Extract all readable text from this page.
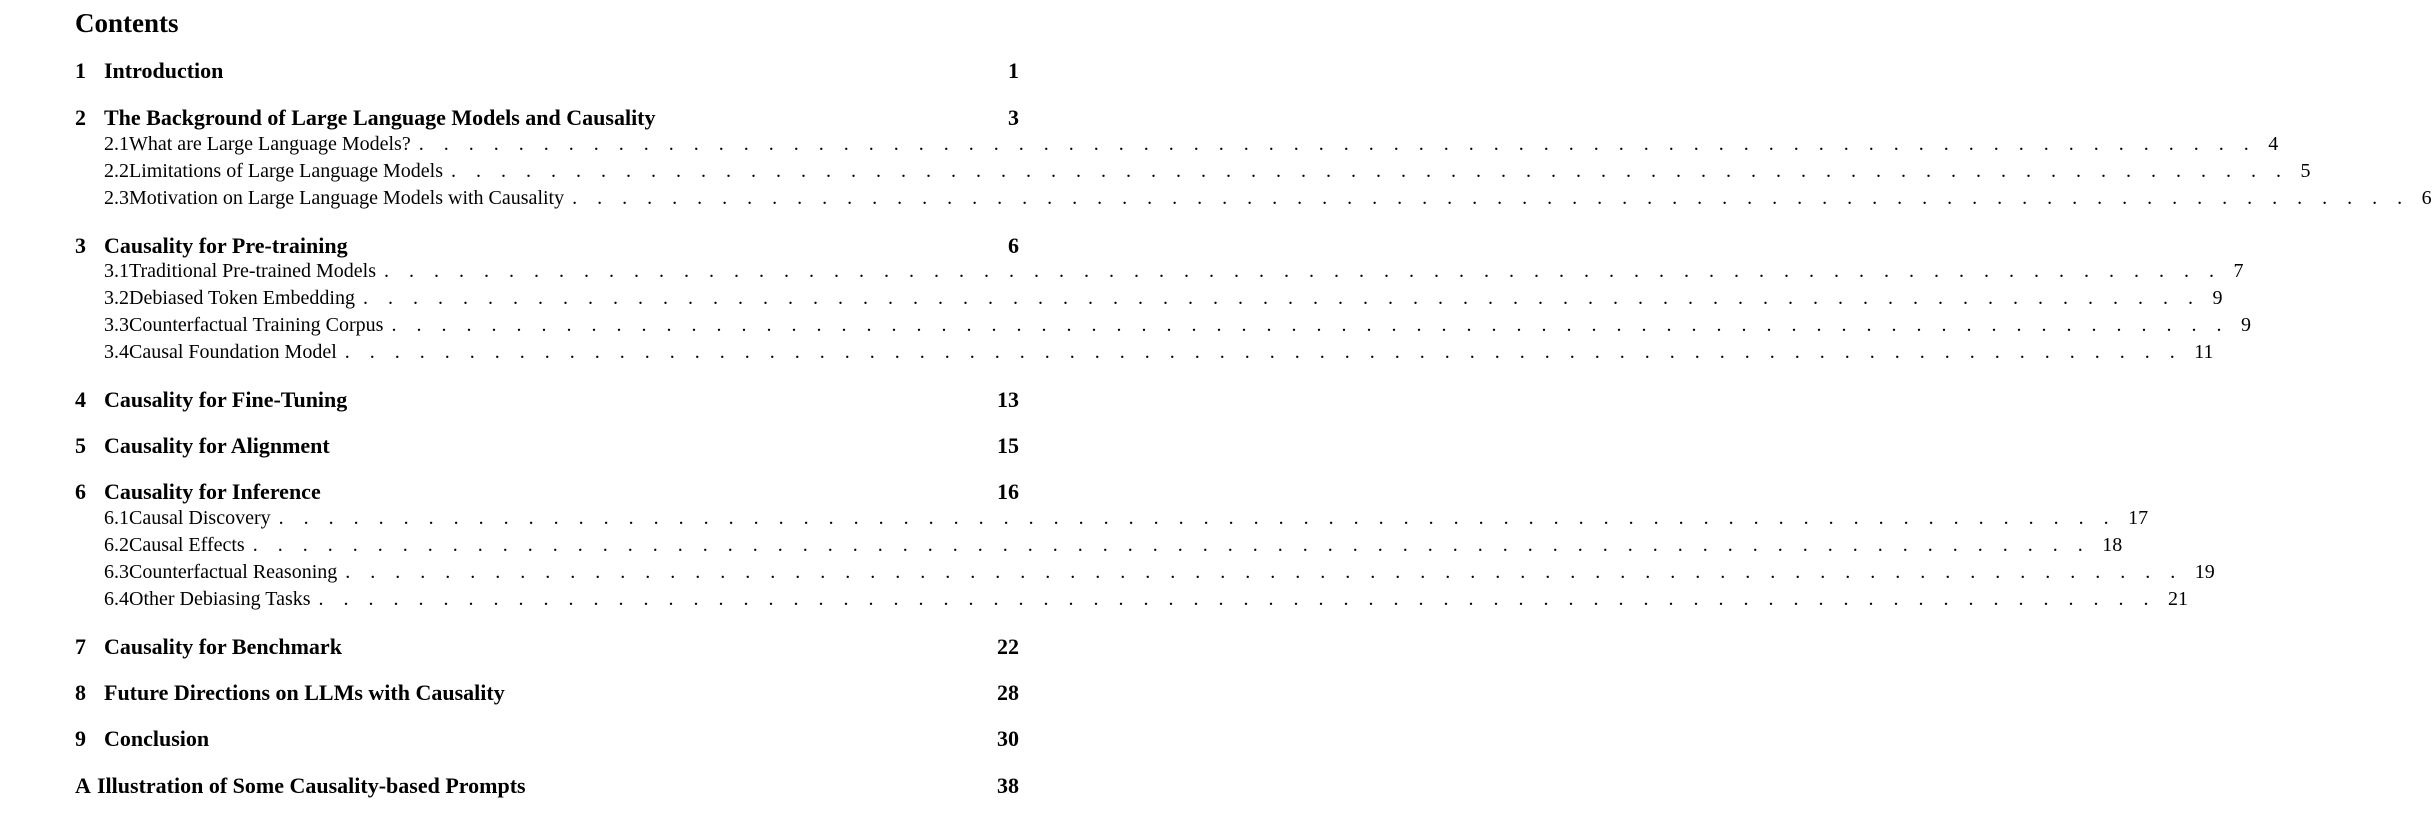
Contents
1 Introduction	1
2 The Background of Large Language Models and Causality	3
2.1 What are Large Language Models? . . . . . . . . . . . . . . . . . . . . . . . . . . . . . . . . . . . . . . . . . . . . . . . . . . . . . . . . . . . . . . . . . . . . . . . . . . 4
2.2 Limitations of Large Language Models . . . . . . . . . . . . . . . . . . . . . . . . . . . . . . . . . . . . . . . . . . . . . . . . . . . . . . . . . . . . . . . . . . . . . . . . . . 5
2.3 Motivation on Large Language Models with Causality . . . . . . . . . . . . . . . . . . . . . . . . . . . . . . . . . . . . . . . . . . . . . . . . . . . . . . . . . . . . . . . . . . . . . . . . . . 6
3 Causality for Pre-training	6
3.1 Traditional Pre-trained Models . . . . . . . . . . . . . . . . . . . . . . . . . . . . . . . . . . . . . . . . . . . . . . . . . . . . . . . . . . . . . . . . . . . . . . . . . . 7
3.2 Debiased Token Embedding . . . . . . . . . . . . . . . . . . . . . . . . . . . . . . . . . . . . . . . . . . . . . . . . . . . . . . . . . . . . . . . . . . . . . . . . . . 9
3.3 Counterfactual Training Corpus . . . . . . . . . . . . . . . . . . . . . . . . . . . . . . . . . . . . . . . . . . . . . . . . . . . . . . . . . . . . . . . . . . . . . . . . . . 9
3.4 Causal Foundation Model . . . . . . . . . . . . . . . . . . . . . . . . . . . . . . . . . . . . . . . . . . . . . . . . . . . . . . . . . . . . . . . . . . . . . . . . . . 11
4 Causality for Fine-Tuning	13
5 Causality for Alignment	15
6 Causality for Inference	16
6.1 Causal Discovery . . . . . . . . . . . . . . . . . . . . . . . . . . . . . . . . . . . . . . . . . . . . . . . . . . . . . . . . . . . . . . . . . . . . . . . . . . 17
6.2 Causal Effects . . . . . . . . . . . . . . . . . . . . . . . . . . . . . . . . . . . . . . . . . . . . . . . . . . . . . . . . . . . . . . . . . . . . . . . . . . 18
6.3 Counterfactual Reasoning . . . . . . . . . . . . . . . . . . . . . . . . . . . . . . . . . . . . . . . . . . . . . . . . . . . . . . . . . . . . . . . . . . . . . . . . . . 19
6.4 Other Debiasing Tasks . . . . . . . . . . . . . . . . . . . . . . . . . . . . . . . . . . . . . . . . . . . . . . . . . . . . . . . . . . . . . . . . . . . . . . . . . . 21
7 Causality for Benchmark	22
8 Future Directions on LLMs with Causality	28
9 Conclusion	30
A Illustration of Some Causality-based Prompts	38
